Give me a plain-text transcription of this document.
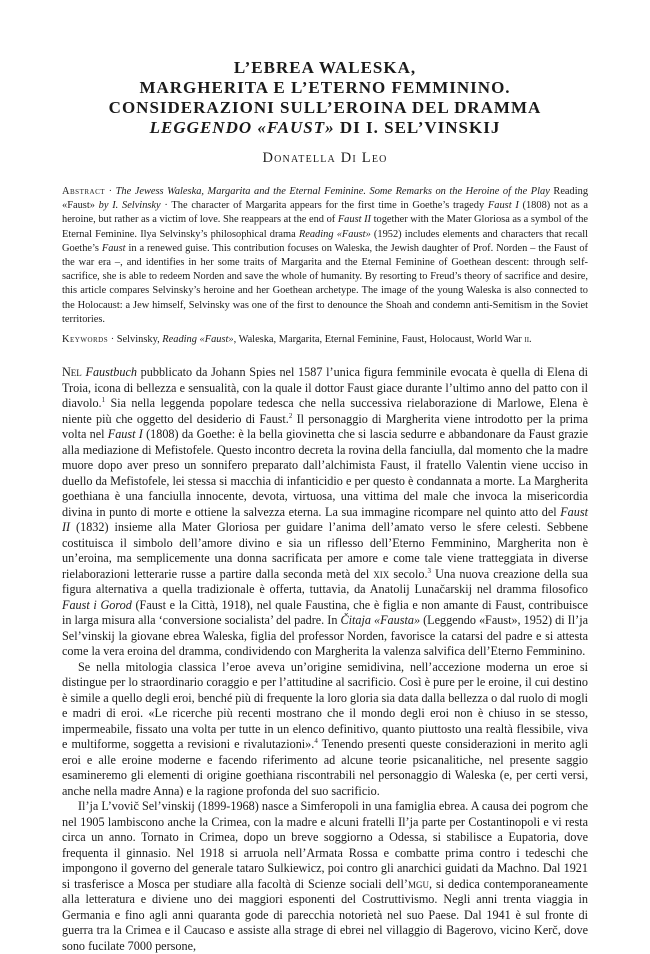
L’EBREA WALESKA,
MARGHERITA E L’ETERNO FEMMININO.
CONSIDERAZIONI SULL’EROINA DEL DRAMMA
LEGGENDO «FAUST» DI I. SEL’VINSKIJ
Donatella Di Leo

Abstract · The Jewess Waleska, Margarita and the Eternal Feminine. Some Remarks on the Heroine of the Play Reading «Faust» by I. Selvinsky · The character of Margarita appears for the first time in Goethe’s tragedy Faust I (1808) not as a heroine, but rather as a victim of love. She reappears at the end of Faust II together with the Mater Gloriosa as a symbol of the Eternal Feminine. Ilya Selvinsky’s philosophical drama Reading «Faust» (1952) includes elements and characters that recall Goethe’s Faust in a renewed guise. This contribution focuses on Waleska, the Jewish daughter of Prof. Norden – the Faust of the war era –, and identifies in her some traits of Margarita and the Eternal Feminine of Goethean descent: through self-sacrifice, she is able to redeem Norden and save the whole of humanity. By resorting to Freud’s theory of sacrifice and desire, this article compares Selvinsky’s heroine and her Goethean archetype. The image of the young Waleska is also connected to the Holocaust: a Jew himself, Selvinsky was one of the first to denounce the Shoah and condemn anti-Semitism in the Soviet territories.

Keywords · Selvinsky, Reading «Faust», Waleska, Margarita, Eternal Feminine, Faust, Holocaust, World War ii.

Nel Faustbuch pubblicato da Johann Spies nel 1587 l’unica figura femminile evocata è quella di Elena di Troia, icona di bellezza e sensualità, con la quale il dottor Faust giace durante l’ultimo anno del patto con il diavolo.$^1$ Sia nella leggenda popolare tedesca che nella successiva rielaborazione di Marlowe, Elena è niente più che oggetto del desiderio di Faust.$^2$ Il personaggio di Margherita viene introdotto per la prima volta nel Faust I (1808) da Goethe: è la bella giovinetta che si lascia sedurre e abbandonare da Faust grazie alla mediazione di Mefistofele. Questo incontro decreta la rovina della fanciulla, dal momento che la madre muore dopo aver preso un sonnifero preparato dall’alchimista Faust, il fratello Valentin viene ucciso in duello da Mefistofele, lei stessa si macchia di infanticidio e per questo è condannata a morte. La Margherita goethiana è una fanciulla innocente, devota, virtuosa, una vittima del male che invoca la misericordia divina in punto di morte e ottiene la salvezza eterna. La sua immagine ricompare nel quinto atto del Faust II (1832) insieme alla Mater Gloriosa per guidare l’anima dell’amato verso le sfere celesti. Sebbene costituisca il simbolo dell’amore divino e sia un riflesso dell’Eterno Femminino, Margherita non è un’eroina, ma semplicemente una donna sacrificata per amore e come tale viene tratteggiata in diverse rielaborazioni letterarie russe a partire dalla seconda metà del xix secolo.$^3$ Una nuova creazione della sua figura alternativa a quella tradizionale è offerta, tuttavia, da Anatolij Lunačarskij nel dramma filosofico Faust i Gorod (Faust e la Città, 1918), nel quale Faustina, che è figlia e non amante di Faust, contribuisce in larga misura alla ‘conversione socialista’ del padre. In Čitaja «Fausta» (Leggendo «Faust», 1952) di Il’ja Sel’vinskij la giovane ebrea Waleska, figlia del professor Norden, favorisce la catarsi del padre e si attesta come la vera eroina del dramma, condividendo con Margherita la valenza salvifica dell’Eterno Femminino.

Se nella mitologia classica l’eroe aveva un’origine semidivina, nell’accezione moderna un eroe si distingue per lo straordinario coraggio e per l’attitudine al sacrificio. Così è pure per le eroine, il cui destino è simile a quello degli eroi, benché più di frequente la loro gloria sia data dalla bellezza o dal ruolo di mogli e madri di eroi. «Le ricerche più recenti mostrano che il mondo degli eroi non è chiuso in se stesso, impermeabile, fissato una volta per tutte in un elenco definitivo, quanto piuttosto una realtà flessibile, viva e multiforme, soggetta a revisioni e rivalutazioni».$^4$ Tenendo presenti queste considerazioni in merito agli eroi e alle eroine moderne e facendo riferimento ad alcune teorie psicanalitiche, nel presente saggio esamineremo gli elementi di origine goethiana riscontrabili nel personaggio di Waleska (e, per certi versi, anche nella madre Anna) e la ragione profonda del suo sacrificio.

Il’ja L’vovič Sel’vinskij (1899-1968) nasce a Simferopoli in una famiglia ebrea. A causa dei pogrom che nel 1905 lambiscono anche la Crimea, con la madre e alcuni fratelli Il’ja parte per Costantinopoli e vi resta circa un anno. Tornato in Crimea, dopo un breve soggiorno a Odessa, si stabilisce a Eupatoria, dove frequenta il ginnasio. Nel 1918 si arruola nell’Armata Rossa e combatte prima contro i tedeschi che impongono il governo del generale tataro Sulkiewicz, poi contro gli anarchici guidati da Machno. Dal 1921 si trasferisce a Mosca per studiare alla facoltà di Scienze sociali dell’mgu, si dedica contemporaneamente alla letteratura e diviene uno dei maggiori esponenti del Costruttivismo. Negli anni trenta viaggia in Germania e fino agli anni quaranta gode di parecchia notorietà nel suo Paese. Dal 1941 è sul fronte di guerra tra la Crimea e il Caucaso e assiste alla strage di ebrei nel villaggio di Bagerovo, vicino Kerč, dove sono fucilate 7000 persone,
